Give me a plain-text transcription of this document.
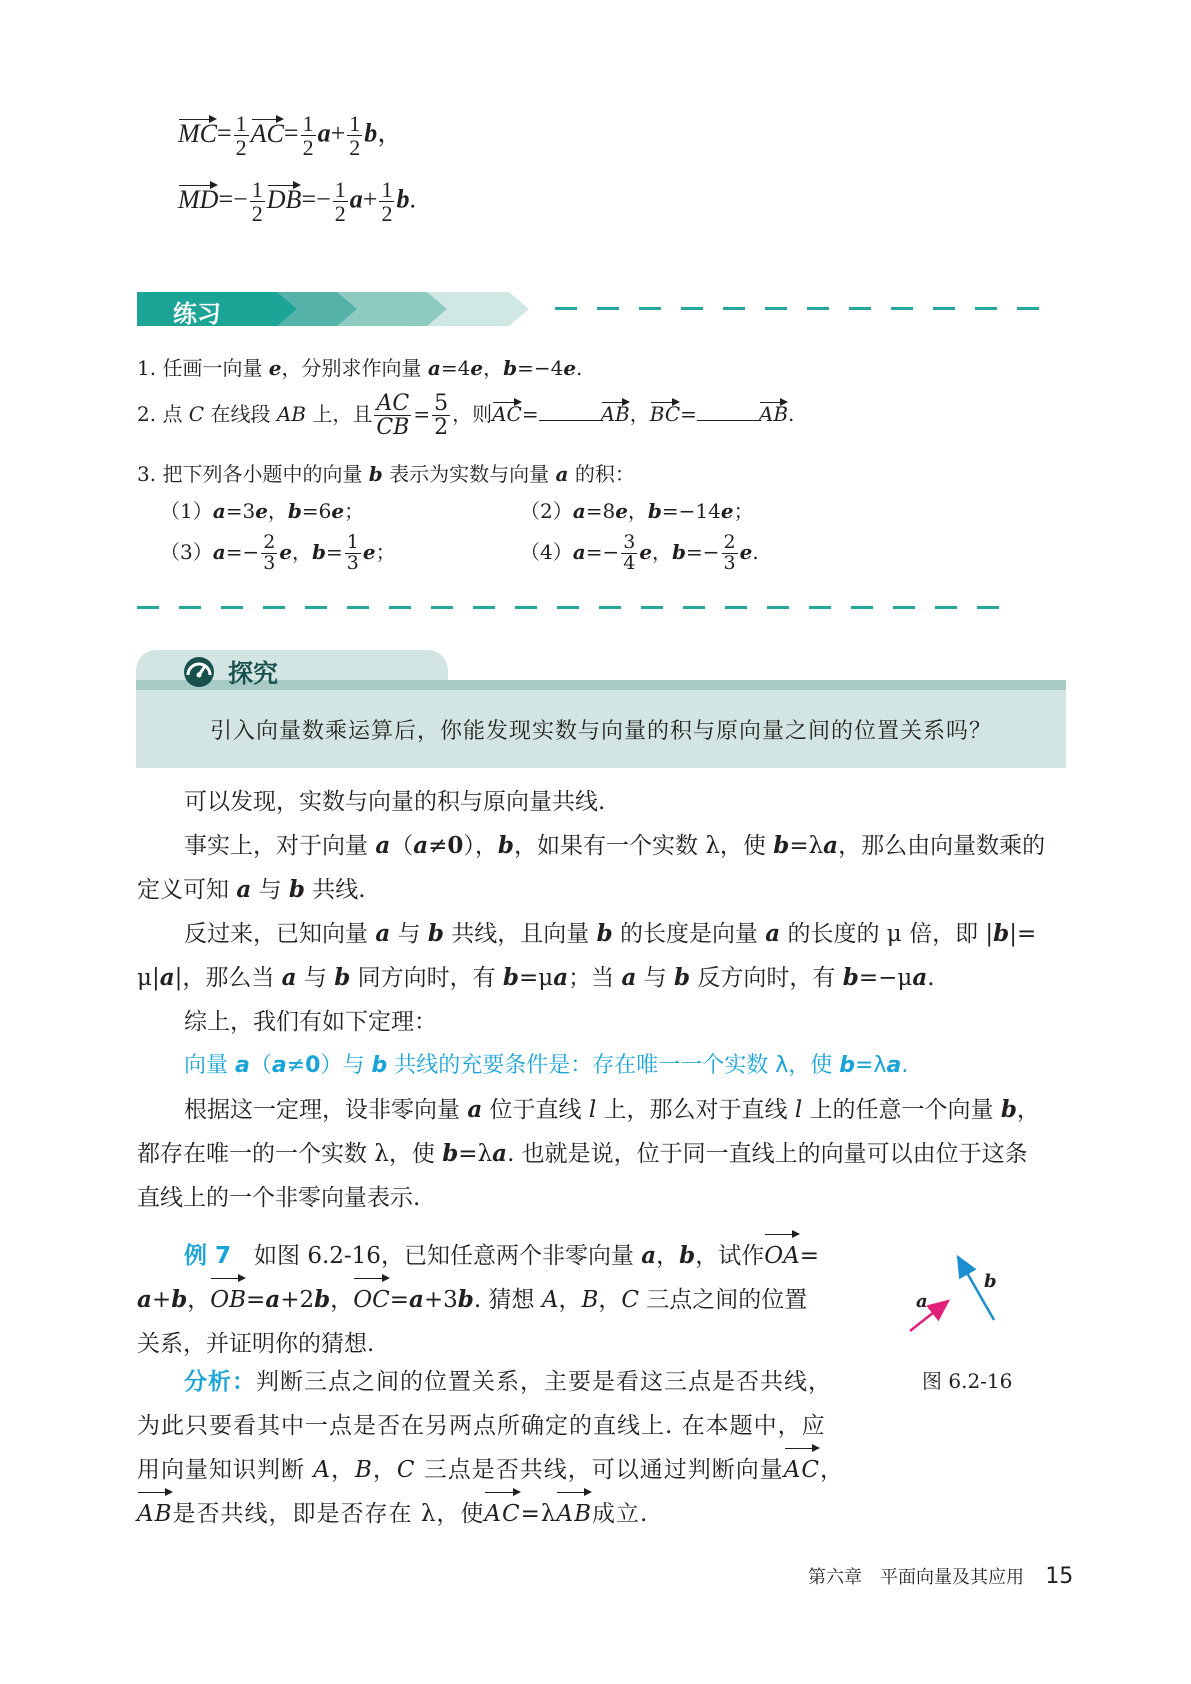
$MC= \frac{1}{2} AC= \frac{1}{2} a+ \frac{1}{2}$ b，
$MD=- \frac{1}{2} DB=- \frac{1}{2} a+ \frac{1}{2} b$.
练习
1. 任画一向量 e，分别求作向量 a=4e，b=−4e.
2. 点 C 在线段 AB 上，且 $\frac{AC}{CB} = \frac{5}{2}$ ，则AC=	AB，BC=	AB.
3. 把下列各小题中的向量 b 表示为实数与向量 a 的积：
（1）a=3e，b=6e；	（2）a=8e，b=−14e；
$(3)a=- \frac{2}{3}$ e，$b= \frac{1}{3}$ e；	$(4)a=- \frac{3}{4}$ e，$b=- \frac{2}{3} e$.
探究
引入向量数乘运算后，你能发现实数与向量的积与原向量之间的位置关系吗？
可以发现，实数与向量的积与原向量共线.
事实上，对于向量 a（a≠0），b，如果有一个实数 λ，使 b=λa，那么由向量数乘的
定义可知 a 与 b 共线.
反过来，已知向量 a 与 b 共线，且向量 b 的长度是向量 a 的长度的 μ 倍，即 |b|=
μ|a|，那么当 a 与 b 同方向时，有 b=μa；当 a 与 b 反方向时，有 b=−μa.
综上，我们有如下定理：
向量 a（a≠0）与 b 共线的充要条件是：存在唯一一个实数 λ，使 b=λa.
根据这一定理，设非零向量 a 位于直线 l 上，那么对于直线 l 上的任意一个向量 b，
都存在唯一的一个实数 λ，使 b=λa. 也就是说，位于同一直线上的向量可以由位于这条
直线上的一个非零向量表示.
例 7　 如图 6.2-16，已知任意两个非零向量 a，b，试作OA=
a+b，OB=a+2b，OC=a+3b. 猜想 A，B，C 三点之间的位置
关系，并证明你的猜想.
分析：判断三点之间的位置关系，主要是看这三点是否共线，
为此只要看其中一点是否在另两点所确定的直线上. 在本题中，应
用向量知识判断 A，B，C 三点是否共线，可以通过判断向量AC，
AB是否共线，即是否存在 λ，使AC=λAB成立.
a
b
图 6.2-16
第六章　平面向量及其应用 15
